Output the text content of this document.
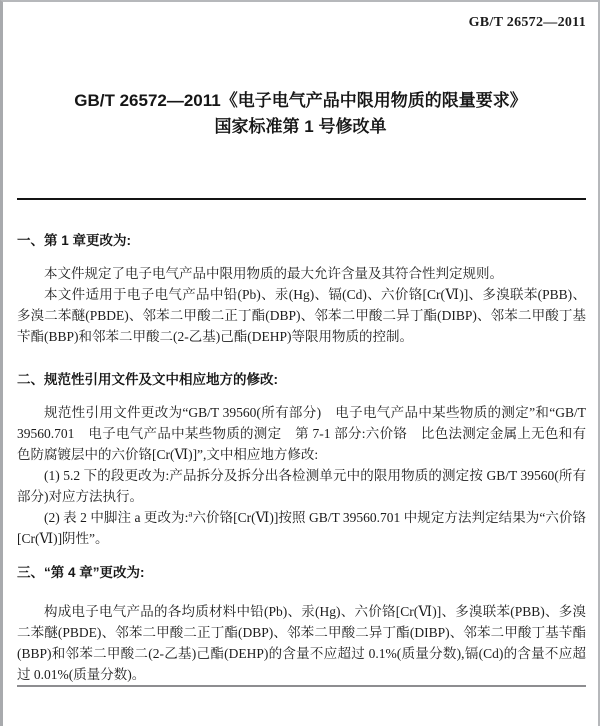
GB/T 26572—2011
GB/T 26572—2011《电子电气产品中限用物质的限量要求》
国家标准第 1 号修改单
一、第 1 章更改为:

本文件规定了电子电气产品中限用物质的最大允许含量及其符合性判定规则。

本文件适用于电子电气产品中铅(Pb)、汞(Hg)、镉(Cd)、六价铬[Cr(Ⅵ)]、多溴联苯(PBB)、多溴二苯醚(PBDE)、邻苯二甲酸二正丁酯(DBP)、邻苯二甲酸二异丁酯(DIBP)、邻苯二甲酸丁基苄酯(BBP)和邻苯二甲酸二(2-乙基)己酯(DEHP)等限用物质的控制。

二、规范性引用文件及文中相应地方的修改:

规范性引用文件更改为“GB/T 39560(所有部分)　电子电气产品中某些物质的测定”和“GB/T 39560.701　电子电气产品中某些物质的测定　第 7-1 部分:六价铬　比色法测定金属上无色和有色防腐镀层中的六价铬[Cr(Ⅵ)]”,文中相应地方修改:

(1) 5.2 下的段更改为:产品拆分及拆分出各检测单元中的限用物质的测定按 GB/T 39560(所有部分)对应方法执行。

(2) 表 2 中脚注 a 更改为:$^a$六价铬[Cr(Ⅵ)]按照 GB/T 39560.701 中规定方法判定结果为“六价铬[Cr(Ⅵ)]阴性”。

三、“第 4 章”更改为:

构成电子电气产品的各均质材料中铅(Pb)、汞(Hg)、六价铬[Cr(Ⅵ)]、多溴联苯(PBB)、多溴二苯醚(PBDE)、邻苯二甲酸二正丁酯(DBP)、邻苯二甲酸二异丁酯(DIBP)、邻苯二甲酸丁基苄酯(BBP)和邻苯二甲酸二(2-乙基)己酯(DEHP)的含量不应超过 0.1%(质量分数),镉(Cd)的含量不应超过 0.01%(质量分数)。
